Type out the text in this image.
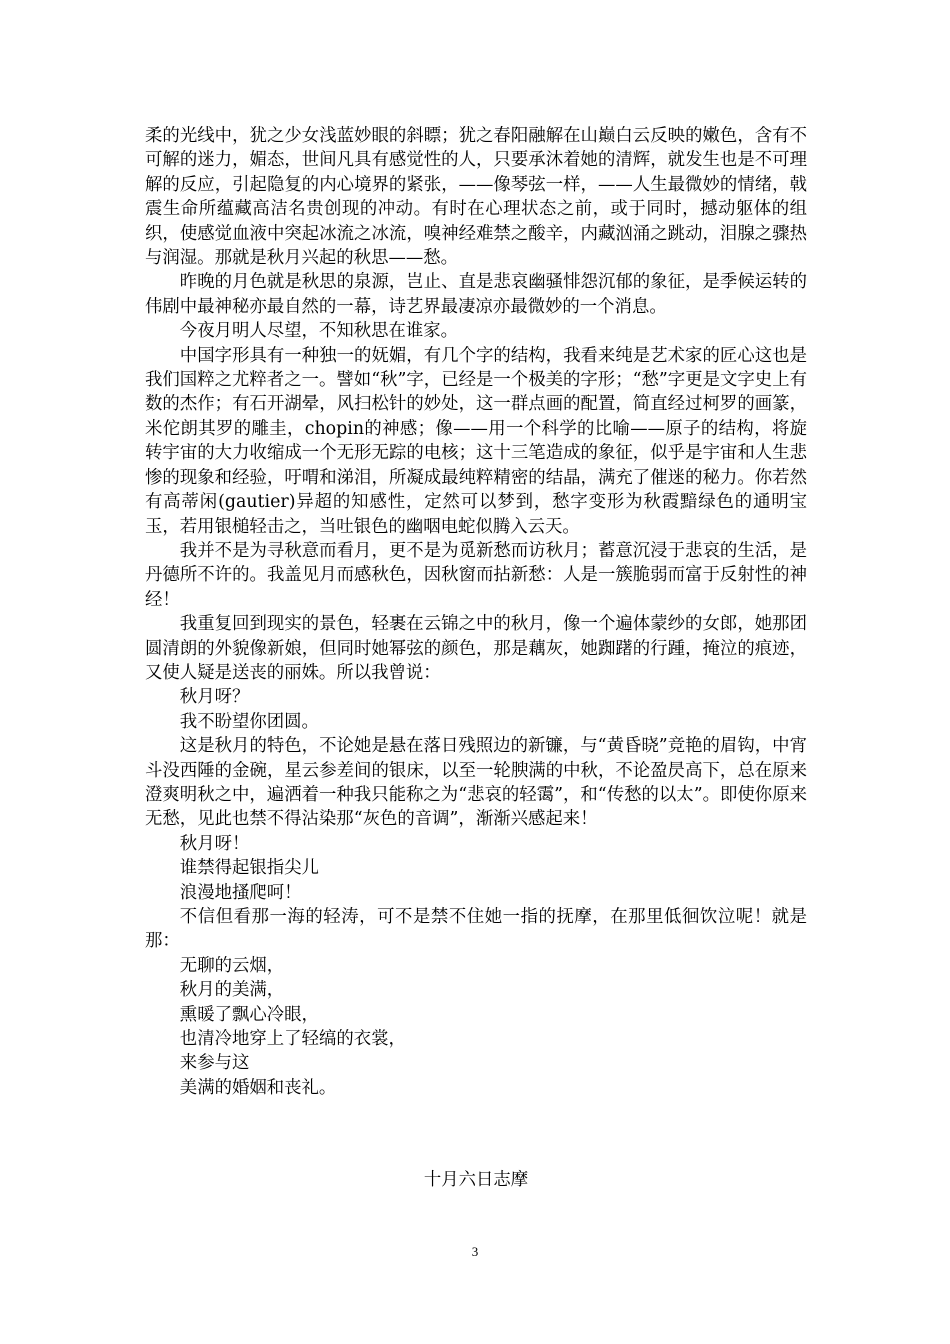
柔的光线中，犹之少女浅蓝妙眼的斜瞟；犹之春阳融解在山巅白云反映的嫩色，含有不可解的迷力，媚态，世间凡具有感觉性的人，只要承沐着她的清辉，就发生也是不可理解的反应，引起隐复的内心境界的紧张，——像琴弦一样，——人生最微妙的情绪，戟震生命所蕴藏高洁名贵创现的冲动。有时在心理状态之前，或于同时，撼动躯体的组织，使感觉血液中突起冰流之冰流，嗅神经难禁之酸辛，内藏汹涌之跳动，泪腺之骤热与润湿。那就是秋月兴起的秋思——愁。

昨晚的月色就是秋思的泉源，岂止、直是悲哀幽骚悱怨沉郁的象征，是季候运转的伟剧中最神秘亦最自然的一幕，诗艺界最凄凉亦最微妙的一个消息。

今夜月明人尽望，不知秋思在谁家。

中国字形具有一种独一的妩媚，有几个字的结构，我看来纯是艺术家的匠心这也是我们国粹之尤粹者之一。譬如“秋”字，已经是一个极美的字形；“愁”字更是文字史上有数的杰作；有石开湖晕，风扫松针的妙处，这一群点画的配置，简直经过柯罗的画篆，米佗朗其罗的雕圭，chopin的神感；像——用一个科学的比喻——原子的结构，将旋转宇宙的大力收缩成一个无形无踪的电核；这十三笔造成的象征，似乎是宇宙和人生悲惨的现象和经验，吁喟和涕泪，所凝成最纯粹精密的结晶，满充了催迷的秘力。你若然有高蒂闲(gautier)异超的知感性，定然可以梦到，愁字变形为秋霞黯绿色的通明宝玉，若用银槌轻击之，当吐银色的幽咽电蛇似腾入云天。

我并不是为寻秋意而看月，更不是为觅新愁而访秋月；蓄意沉浸于悲哀的生活，是丹德所不许的。我盖见月而感秋色，因秋窗而拈新愁：人是一簇脆弱而富于反射性的神经！

我重复回到现实的景色，轻裹在云锦之中的秋月，像一个遍体蒙纱的女郎，她那团圆清朗的外貌像新娘，但同时她幂弦的颜色，那是藕灰，她踟躇的行踵，掩泣的痕迹，又使人疑是送丧的丽姝。所以我曾说：

秋月呀？

我不盼望你团圆。

这是秋月的特色，不论她是悬在落日残照边的新镰，与“黄昏晓”竞艳的眉钩，中宵斗没西陲的金碗，星云参差间的银床，以至一轮腴满的中秋，不论盈昃高下，总在原来澄爽明秋之中，遍洒着一种我只能称之为“悲哀的轻霭”，和“传愁的以太”。即使你原来无愁，见此也禁不得沾染那“灰色的音调”，渐渐兴感起来！

秋月呀！

谁禁得起银指尖儿

浪漫地搔爬呵！

不信但看那一海的轻涛，可不是禁不住她一指的抚摩，在那里低徊饮泣呢！就是那：

无聊的云烟，

秋月的美满，

熏暖了飘心冷眼，

也清冷地穿上了轻缟的衣裳，

来参与这

美满的婚姻和丧礼。

十月六日志摩
3
